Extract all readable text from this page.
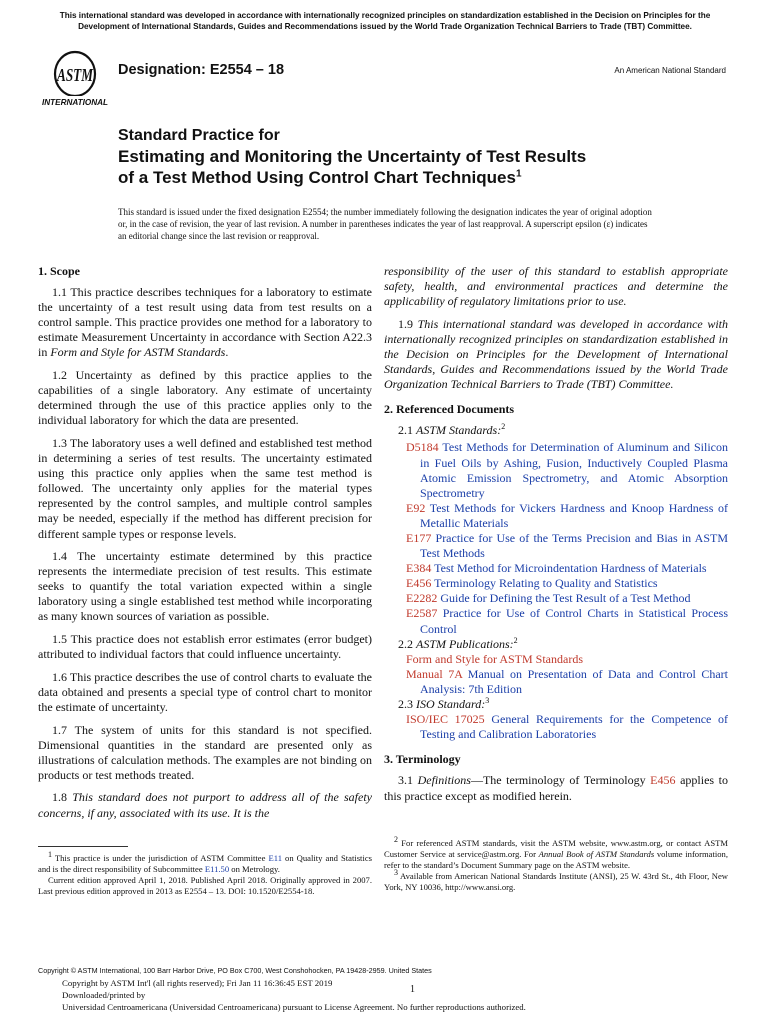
This international standard was developed in accordance with internationally recognized principles on standardization established in the Decision on Principles for the Development of International Standards, Guides and Recommendations issued by the World Trade Organization Technical Barriers to Trade (TBT) Committee.
ASTM
INTERNATIONAL
Designation: E2554 – 18	An American National Standard
Standard Practice for
Estimating and Monitoring the Uncertainty of Test Results
of a Test Method Using Control Chart Techniques$^1$
This standard is issued under the fixed designation E2554; the number immediately following the designation indicates the year of original adoption or, in the case of revision, the year of last revision. A number in parentheses indicates the year of last reapproval. A superscript epsilon (ε) indicates an editorial change since the last revision or reapproval.
1. Scope

1.1 This practice describes techniques for a laboratory to estimate the uncertainty of a test result using data from test results on a control sample. This practice provides one method for a laboratory to estimate Measurement Uncertainty in accordance with Section A22.3 in Form and Style for ASTM Standards.

1.2 Uncertainty as defined by this practice applies to the capabilities of a single laboratory. Any estimate of uncertainty determined through the use of this practice applies only to the individual laboratory for which the data are presented.

1.3 The laboratory uses a well defined and established test method in determining a series of test results. The uncertainty estimated using this practice only applies when the same test method is followed. The uncertainty only applies for the material types represented by the control samples, and multiple control samples may be needed, especially if the method has different precision for different sample types or response levels.

1.4 The uncertainty estimate determined by this practice represents the intermediate precision of test results. This estimate seeks to quantify the total variation expected within a single laboratory using a single established test method while incorporating as many known sources of variation as possible.

1.5 This practice does not establish error estimates (error budget) attributed to individual factors that could influence uncertainty.

1.6 This practice describes the use of control charts to evaluate the data obtained and presents a special type of control chart to monitor the estimate of uncertainty.

1.7 The system of units for this standard is not specified. Dimensional quantities in the standard are presented only as illustrations of calculation methods. The examples are not binding on products or test methods treated.

1.8 This standard does not purport to address all of the safety concerns, if any, associated with its use. It is the

$^1$ This practice is under the jurisdiction of ASTM Committee E11 on Quality and Statistics and is the direct responsibility of Subcommittee E11.50 on Metrology.

Current edition approved April 1, 2018. Published April 2018. Originally approved in 2007. Last previous edition approved in 2013 as E2554 – 13. DOI: 10.1520/E2554-18.

responsibility of the user of this standard to establish appropriate safety, health, and environmental practices and determine the applicability of regulatory limitations prior to use.

1.9 This international standard was developed in accordance with internationally recognized principles on standardization established in the Decision on Principles for the Development of International Standards, Guides and Recommendations issued by the World Trade Organization Technical Barriers to Trade (TBT) Committee.

2. Referenced Documents

2.1 ASTM Standards:$^2$

D5184 Test Methods for Determination of Aluminum and Silicon in Fuel Oils by Ashing, Fusion, Inductively Coupled Plasma Atomic Emission Spectrometry, and Atomic Absorption Spectrometry
E92 Test Methods for Vickers Hardness and Knoop Hardness of Metallic Materials
E177 Practice for Use of the Terms Precision and Bias in ASTM Test Methods
E384 Test Method for Microindentation Hardness of Materials
E456 Terminology Relating to Quality and Statistics
E2282 Guide for Defining the Test Result of a Test Method
E2587 Practice for Use of Control Charts in Statistical Process Control

2.2 ASTM Publications:$^2$

Form and Style for ASTM Standards
Manual 7A Manual on Presentation of Data and Control Chart Analysis: 7th Edition

2.3 ISO Standard:$^3$

ISO/IEC 17025 General Requirements for the Competence of Testing and Calibration Laboratories
3. Terminology

3.1 Definitions—The terminology of Terminology E456 applies to this practice except as modified herein.

$^2$ For referenced ASTM standards, visit the ASTM website, www.astm.org, or contact ASTM Customer Service at service@astm.org. For Annual Book of ASTM Standards volume information, refer to the standard’s Document Summary page on the ASTM website.

$^3$ Available from American National Standards Institute (ANSI), 25 W. 43rd St., 4th Floor, New York, NY 10036, http://www.ansi.org.

Copyright © ASTM International, 100 Barr Harbor Drive, PO Box C700, West Conshohocken, PA 19428-2959. United States
Copyright by ASTM Int'l (all rights reserved); Fri Jan 11 16:36:45 EST 2019
Downloaded/printed by
Universidad Centroamericana (Universidad Centroamericana) pursuant to License Agreement. No further reproductions authorized.
1
